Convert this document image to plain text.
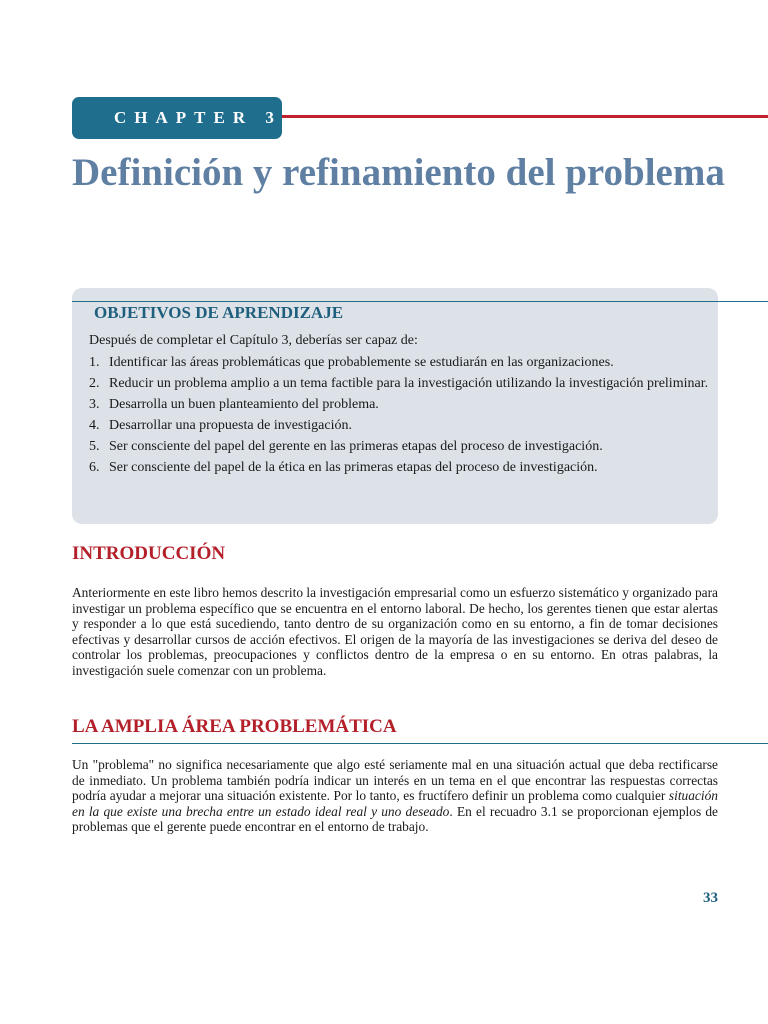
CHAPTER 3
Definición y refinamiento del problema
OBJETIVOS DE APRENDIZAJE

Después de completar el Capítulo 3, deberías ser capaz de:

1. Identificar las áreas problemáticas que probablemente se estudiarán en las organizaciones.
2. Reducir un problema amplio a un tema factible para la investigación utilizando la investigación preliminar.
3. Desarrolla un buen planteamiento del problema.
4. Desarrollar una propuesta de investigación.
5. Ser consciente del papel del gerente en las primeras etapas del proceso de investigación.
6. Ser consciente del papel de la ética en las primeras etapas del proceso de investigación.
INTRODUCCIÓN

Anteriormente en este libro hemos descrito la investigación empresarial como un esfuerzo sistemático y organizado para investigar un problema específico que se encuentra en el entorno laboral. De hecho, los gerentes tienen que estar alertas y responder a lo que está sucediendo, tanto dentro de su organización como en su entorno, a fin de tomar decisiones efectivas y desarrollar cursos de acción efectivos. El origen de la mayoría de las investigaciones se deriva del deseo de controlar los problemas, preocupaciones y conflictos dentro de la empresa o en su entorno. En otras palabras, la investigación suele comenzar con un problema.

LA AMPLIA ÁREA PROBLEMÁTICA

Un "problema" no significa necesariamente que algo esté seriamente mal en una situación actual que deba rectificarse de inmediato. Un problema también podría indicar un interés en un tema en el que encontrar las respuestas correctas podría ayudar a mejorar una situación existente. Por lo tanto, es fructífero definir un problema como cualquier situación en la que existe una brecha entre un estado ideal real y uno deseado. En el recuadro 3.1 se proporcionan ejemplos de problemas que el gerente puede encontrar en el entorno de trabajo.

33
